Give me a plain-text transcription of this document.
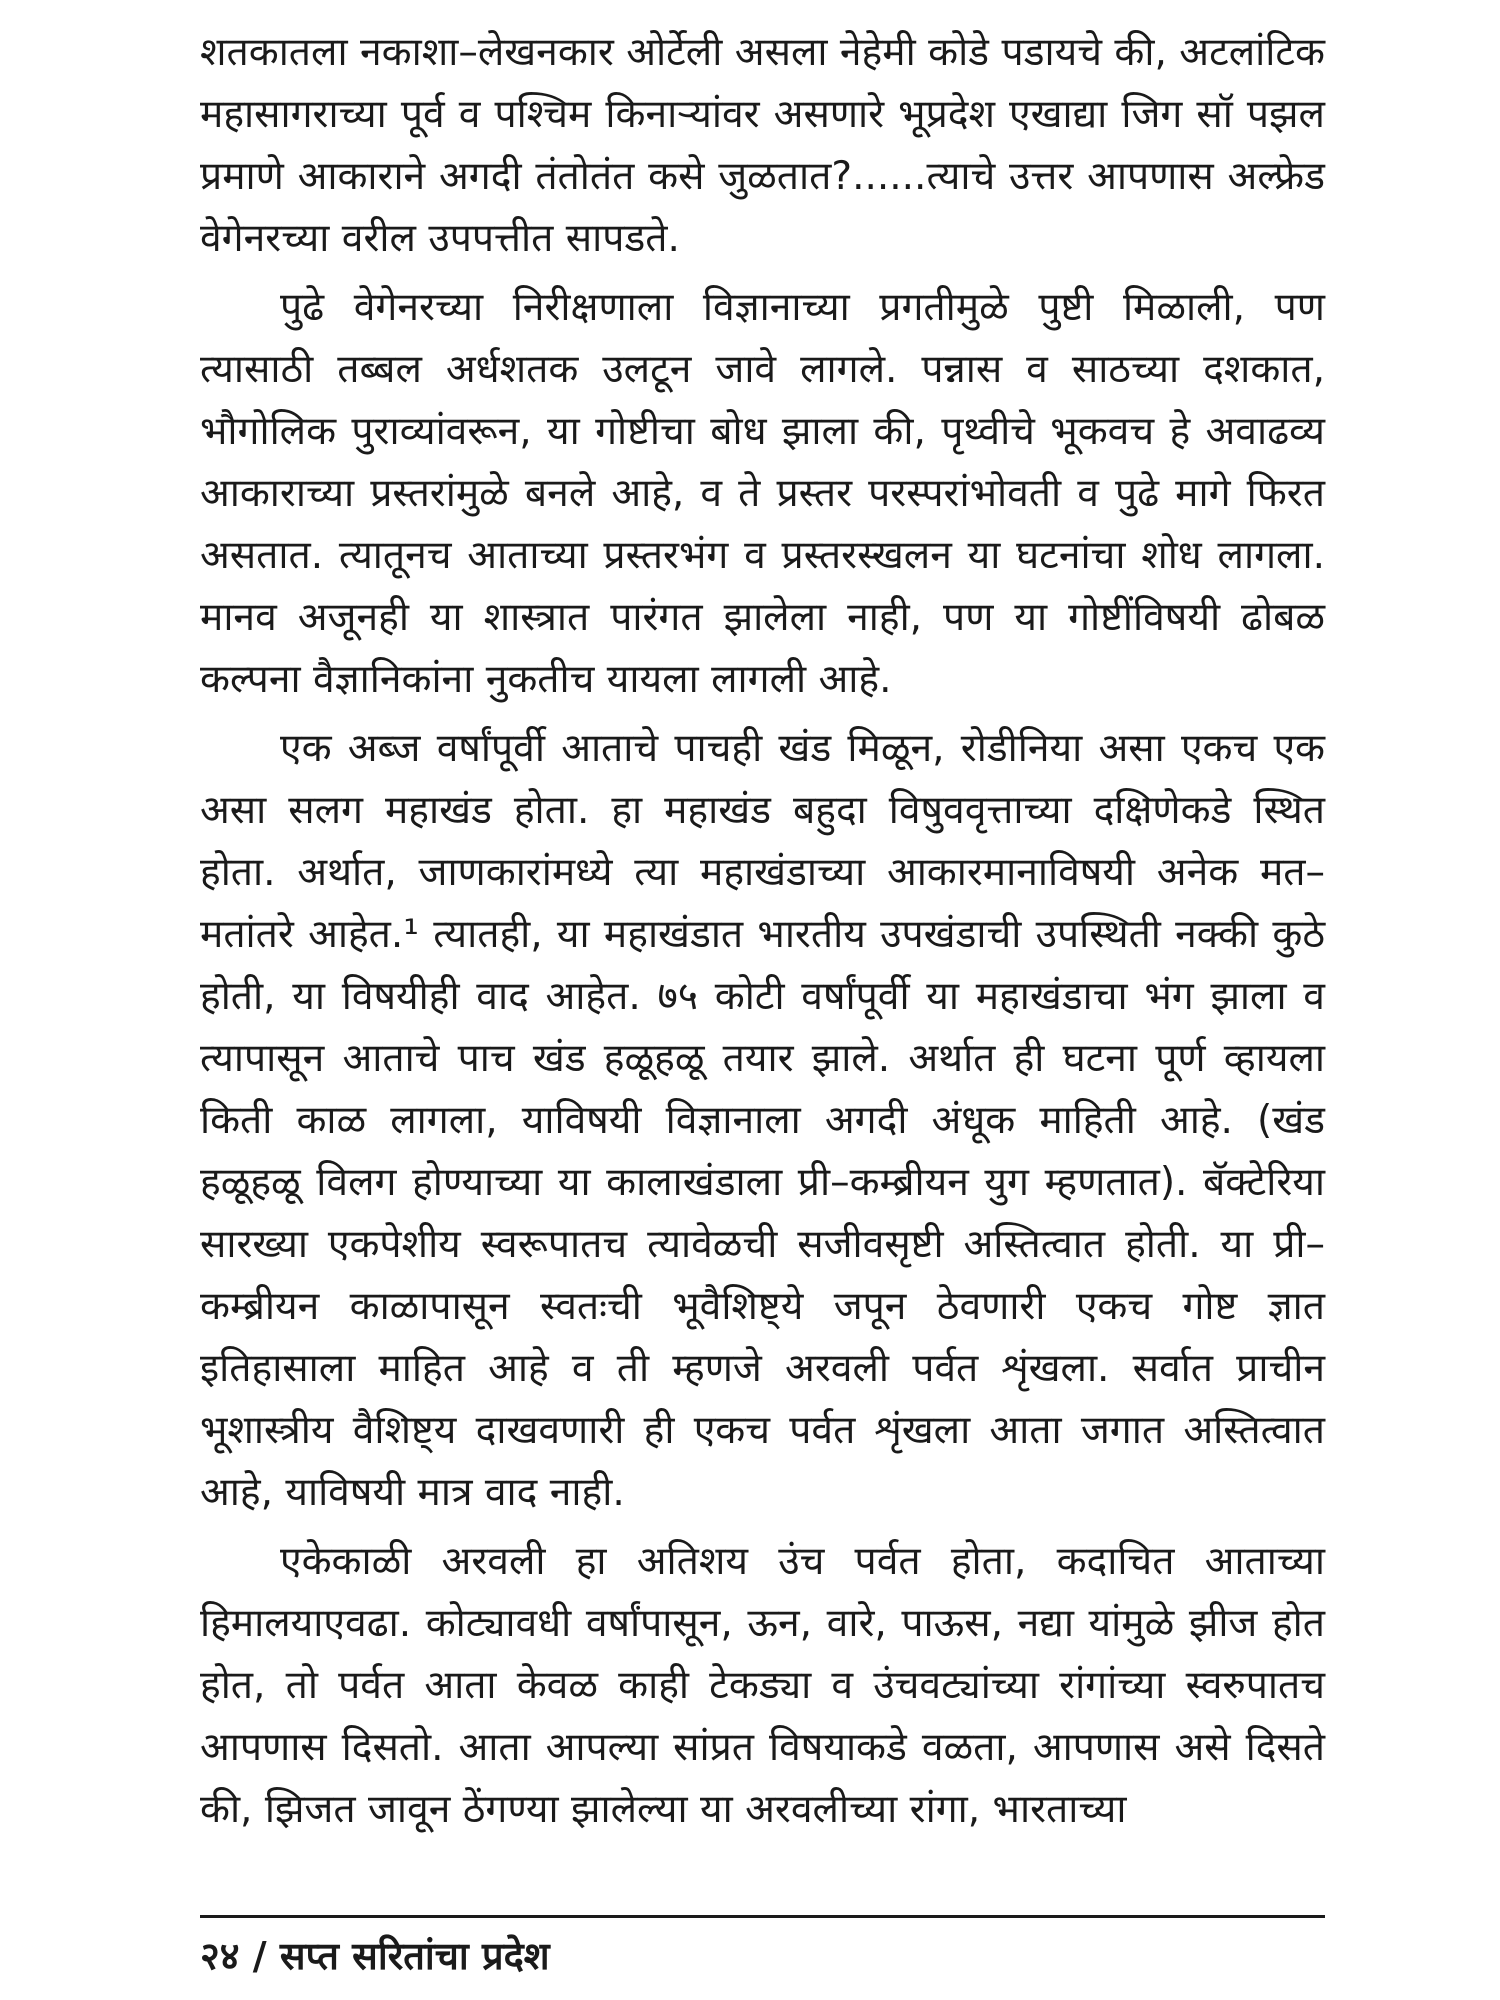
शतकातला नकाशा–लेखनकार ओर्टेली असला नेहेमी कोडे पडायचे की, अटलांटिक महासागराच्या पूर्व व पश्चिम किनाऱ्यांवर असणारे भूप्रदेश एखाद्या जिग सॉ पझल प्रमाणे आकाराने अगदी तंतोतंत कसे जुळतात?......त्याचे उत्तर आपणास अल्फ्रेड वेगेनरच्या वरील उपपत्तीत सापडते.

पुढे वेगेनरच्या निरीक्षणाला विज्ञानाच्या प्रगतीमुळे पुष्टी मिळाली, पण त्यासाठी तब्बल अर्धशतक उलटून जावे लागले. पन्नास व साठच्या दशकात, भौगोलिक पुराव्यांवरून, या गोष्टीचा बोध झाला की, पृथ्वीचे भूकवच हे अवाढव्य आकाराच्या प्रस्तरांमुळे बनले आहे, व ते प्रस्तर परस्परांभोवती व पुढे मागे फिरत असतात. त्यातूनच आताच्या प्रस्तरभंग व प्रस्तरस्खलन या घटनांचा शोध लागला. मानव अजूनही या शास्त्रात पारंगत झालेला नाही, पण या गोष्टींविषयी ढोबळ कल्पना वैज्ञानिकांना नुकतीच यायला लागली आहे.

एक अब्ज वर्षांपूर्वी आताचे पाचही खंड मिळून, रोडीनिया असा एकच एक असा सलग महाखंड होता. हा महाखंड बहुदा विषुववृत्ताच्या दक्षिणेकडे स्थित होता. अर्थात, जाणकारांमध्ये त्या महाखंडाच्या आकारमानाविषयी अनेक मत–मतांतरे आहेत.¹ त्यातही, या महाखंडात भारतीय उपखंडाची उपस्थिती नक्की कुठे होती, या विषयीही वाद आहेत. ७५ कोटी वर्षांपूर्वी या महाखंडाचा भंग झाला व त्यापासून आताचे पाच खंड हळूहळू तयार झाले. अर्थात ही घटना पूर्ण व्हायला किती काळ लागला, याविषयी विज्ञानाला अगदी अंधूक माहिती आहे. (खंड हळूहळू विलग होण्याच्या या कालाखंडाला प्री–कम्ब्रीयन युग म्हणतात). बॅक्टेरिया सारख्या एकपेशीय स्वरूपातच त्यावेळची सजीवसृष्टी अस्तित्वात होती. या प्री–कम्ब्रीयन काळापासून स्वतःची भूवैशिष्ट्ये जपून ठेवणारी एकच गोष्ट ज्ञात इतिहासाला माहित आहे व ती म्हणजे अरवली पर्वत शृंखला. सर्वात प्राचीन भूशास्त्रीय वैशिष्ट्य दाखवणारी ही एकच पर्वत शृंखला आता जगात अस्तित्वात आहे, याविषयी मात्र वाद नाही.

एकेकाळी अरवली हा अतिशय उंच पर्वत होता, कदाचित आताच्या हिमालयाएवढा. कोट्यावधी वर्षांपासून, ऊन, वारे, पाऊस, नद्या यांमुळे झीज होत होत, तो पर्वत आता केवळ काही टेकड्या व उंचवट्यांच्या रांगांच्या स्वरुपातच आपणास दिसतो. आता आपल्या सांप्रत विषयाकडे वळता, आपणास असे दिसते की, झिजत जावून ठेंगण्या झालेल्या या अरवलीच्या रांगा, भारताच्या

२४ / सप्त सरितांचा प्रदेश
